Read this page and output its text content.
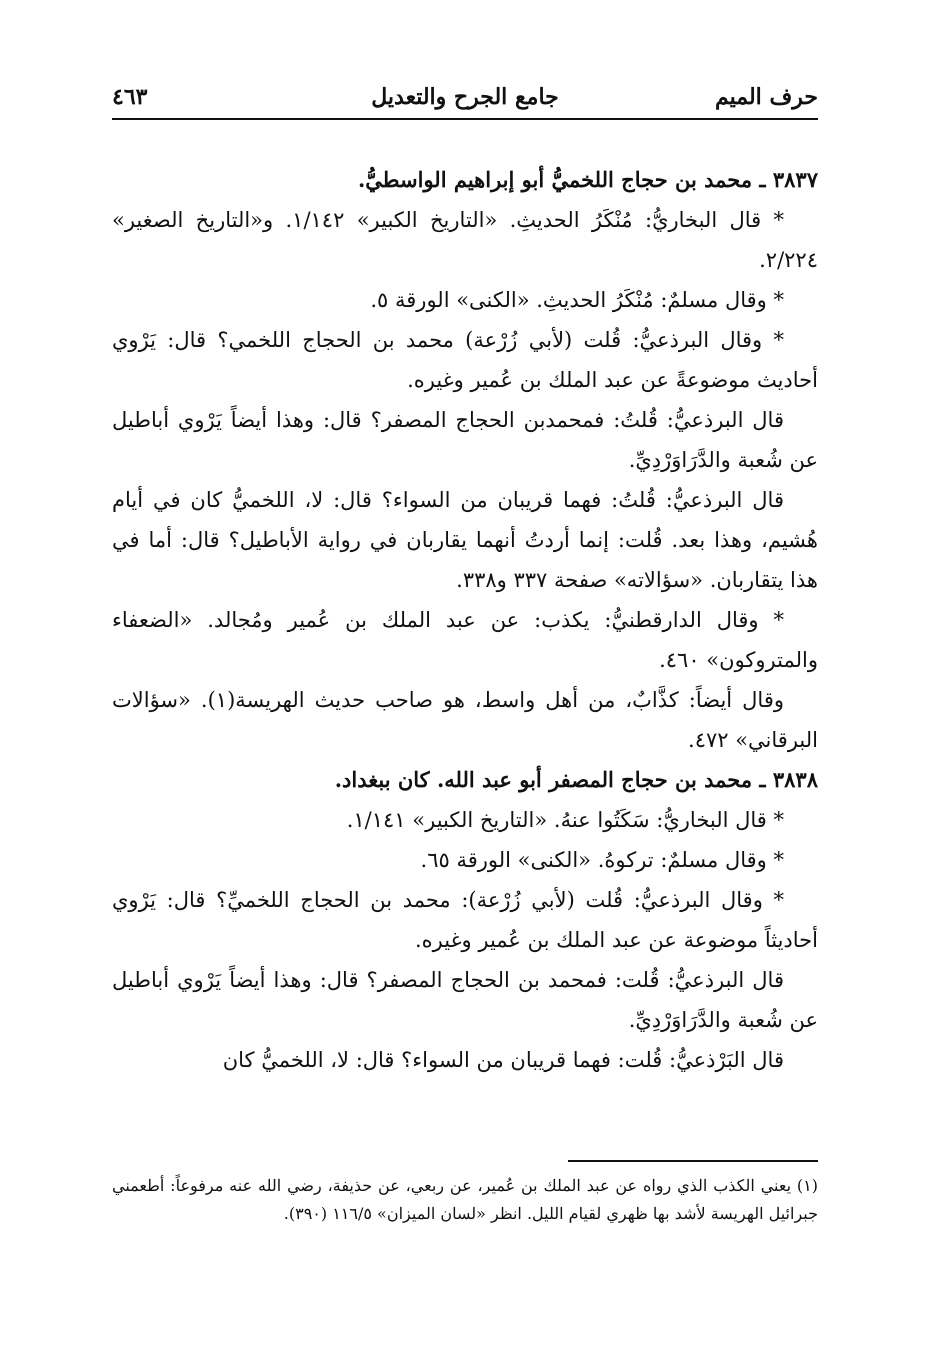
حرف الميم
جامع الجرح والتعديل
٤٦٣

٣٨٣٧ ـ محمد بن حجاج اللخميُّ أبو إبراهيم الواسطيُّ.

* قال البخاريُّ: مُنْكَرُ الحديثِ. «التاريخ الكبير» ١/١٤٢. و«التاريخ الصغير» ٢/٢٢٤.

* وقال مسلمٌ: مُنْكَرُ الحديثِ. «الكنى» الورقة ٥.

* وقال البرذعيُّ: قُلت (لأبي زُرْعة) محمد بن الحجاج اللخمي؟ قال: يَرْوي أحاديث موضوعةً عن عبد الملك بن عُمير وغيره.

قال البرذعيُّ: قُلتُ: فمحمدبن الحجاج المصفر؟ قال: وهذا أيضاً يَرْوي أباطيل عن شُعبة والدَّرَاوَرْدِيِّ.

قال البرذعيُّ: قُلتُ: فهما قريبان من السواء؟ قال: لا، اللخميُّ كان في أيام هُشيم، وهذا بعد. قُلت: إنما أردتُ أنهما يقاربان في رواية الأباطيل؟ قال: أما في هذا يتقاربان. «سؤالاته» صفحة ٣٣٧ و٣٣٨.

* وقال الدارقطنيُّ: يكذب: عن عبد الملك بن عُمير ومُجالد. «الضعفاء والمتروكون» ٤٦٠.

وقال أيضاً: كذَّابٌ، من أهل واسط، هو صاحب حديث الهريسة(١). «سؤالات البرقاني» ٤٧٢.

٣٨٣٨ ـ محمد بن حجاج المصفر أبو عبد الله. كان ببغداد.

* قال البخاريُّ: سَكَتُوا عنهُ. «التاريخ الكبير» ١/١٤١.

* وقال مسلمٌ: تركوهُ. «الكنى» الورقة ٦٥.

* وقال البرذعيُّ: قُلت (لأبي زُرْعة): محمد بن الحجاج اللخميِّ؟ قال: يَرْوي أحاديثاً موضوعة عن عبد الملك بن عُمير وغيره.

قال البرذعيُّ: قُلت: فمحمد بن الحجاج المصفر؟ قال: وهذا أيضاً يَرْوي أباطيل عن شُعبة والدَّرَاوَرْدِيِّ.

قال البَرْذعيُّ: قُلت: فهما قريبان من السواء؟ قال: لا، اللخميُّ كان

(١) يعني الكذب الذي رواه عن عبد الملك بن عُمير، عن ربعي، عن حذيفة، رضي الله عنه مرفوعاً: أطعمني جبرائيل الهريسة لأشد بها ظهري لقيام الليل. انظر «لسان الميزان» ١١٦/٥ (٣٩٠).
